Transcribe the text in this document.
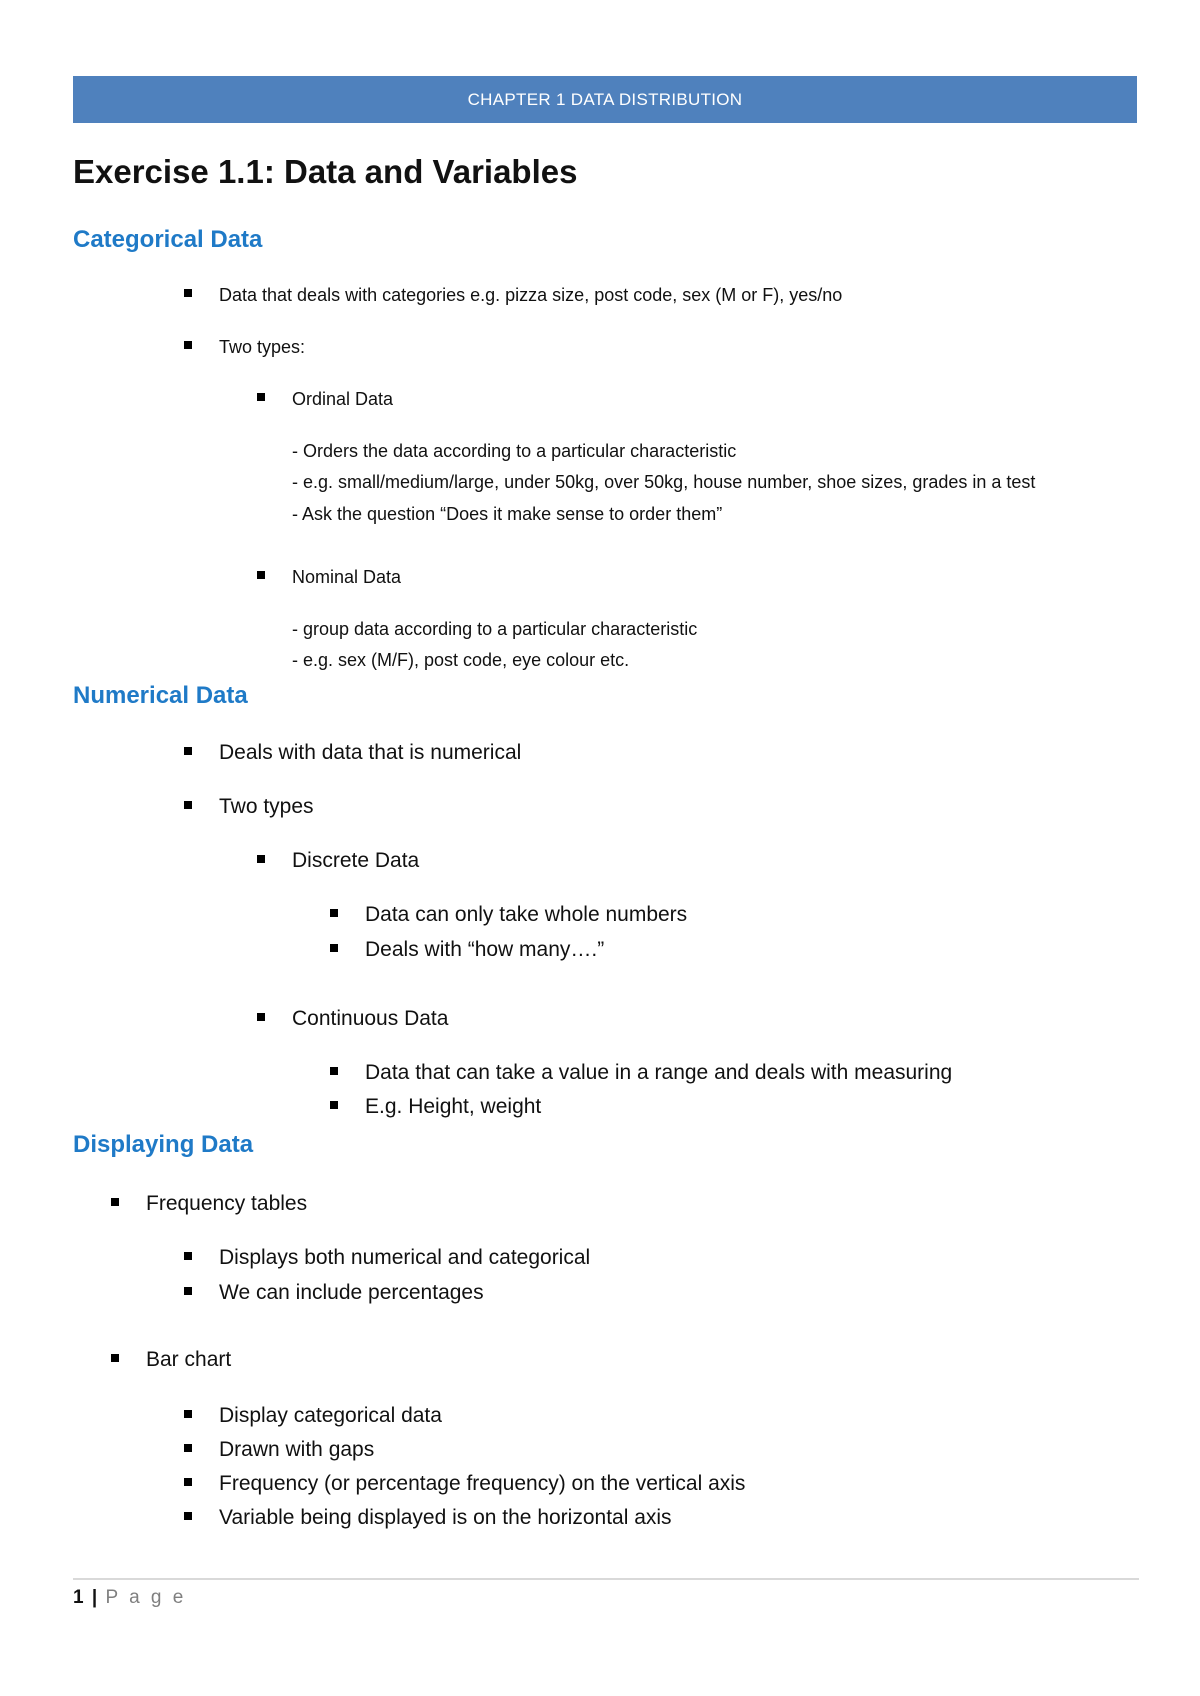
CHAPTER 1 DATA DISTRIBUTION
Exercise 1.1: Data and Variables
Categorical Data
Data that deals with categories e.g. pizza size, post code, sex (M or F), yes/no
Two types:
Ordinal Data
- Orders the data according to a particular characteristic
- e.g. small/medium/large, under 50kg, over 50kg, house number, shoe sizes, grades in a test
- Ask the question “Does it make sense to order them”
Nominal Data
- group data according to a particular characteristic
- e.g. sex (M/F), post code, eye colour etc.
Numerical Data
Deals with data that is numerical
Two types
Discrete Data
Data can only take whole numbers
Deals with “how many….”
Continuous Data
Data that can take a value in a range and deals with measuring
E.g. Height, weight
Displaying Data
Frequency tables
Displays both numerical and categorical
We can include percentages
Bar chart
Display categorical data
Drawn with gaps
Frequency (or percentage frequency) on the vertical axis
Variable being displayed is on the horizontal axis
1 | P a g e
